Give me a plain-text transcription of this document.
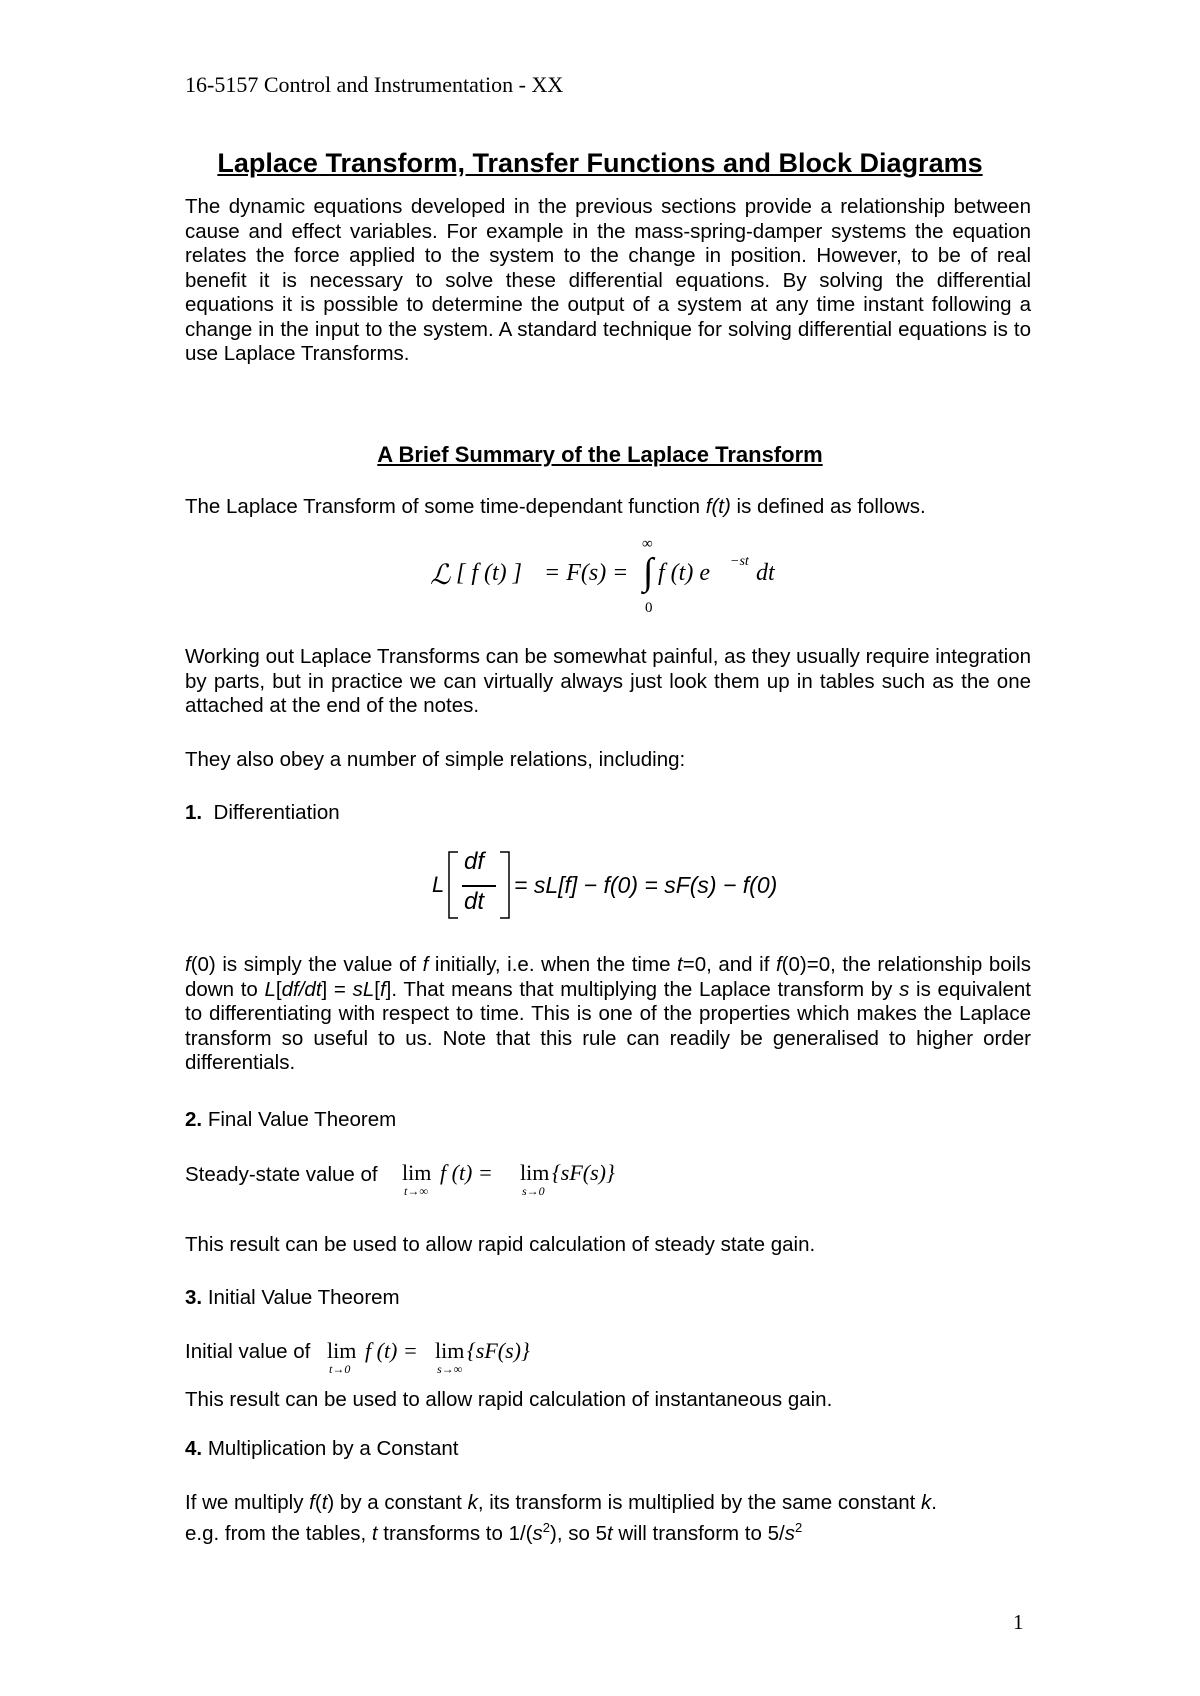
16-5157 Control and Instrumentation - XX
Laplace Transform, Transfer Functions and Block Diagrams
The dynamic equations developed in the previous sections provide a relationship between cause and effect variables. For example in the mass-spring-damper systems the equation relates the force applied to the system to the change in position. However, to be of real benefit it is necessary to solve these differential equations. By solving the differential equations it is possible to determine the output of a system at any time instant following a change in the input to the system. A standard technique for solving differential equations is to use Laplace Transforms.
A Brief Summary of the Laplace Transform
The Laplace Transform of some time-dependant function f(t) is defined as follows.
ℒ [ f (t) ] = F(s) = ∫
∞
0
f (t) e −st dt
Working out Laplace Transforms can be somewhat painful, as they usually require integration by parts, but in practice we can virtually always just look them up in tables such as the one attached at the end of the notes.
They also obey a number of simple relations, including:
1. Differentiation
L
df
dt
= sL[f] − f(0) = sF(s) − f(0)
f(0) is simply the value of f initially, i.e. when the time t=0, and if f(0)=0, the relationship boils down to L[df/dt] = sL[f]. That means that multiplying the Laplace transform by s is equivalent to differentiating with respect to time. This is one of the properties which makes the Laplace transform so useful to us. Note that this rule can readily be generalised to higher order differentials.
2. Final Value Theorem
Steady-state value of lim
t→∞
f (t) = lim
s→0
{sF(s)}
This result can be used to allow rapid calculation of steady state gain.
3. Initial Value Theorem
Initial value of lim
t→0
f (t) = lim
s→∞
{sF(s)}
This result can be used to allow rapid calculation of instantaneous gain.
4. Multiplication by a Constant
If we multiply f(t) by a constant k, its transform is multiplied by the same constant k.
e.g. from the tables, t transforms to $1/(s^2)$, so 5t will transform to $5/s^2$
1
